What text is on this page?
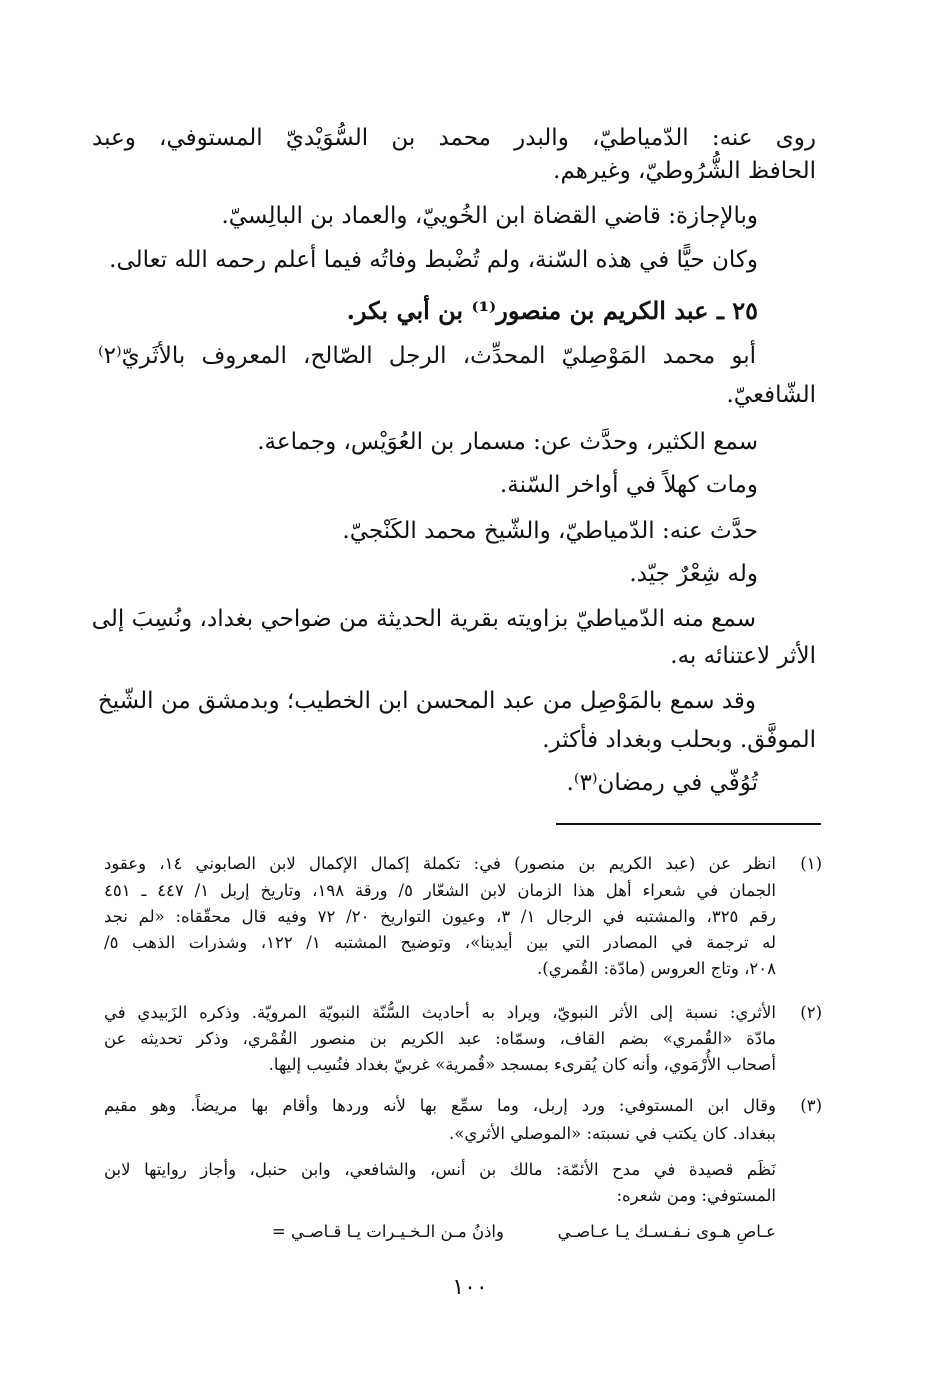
روى عنه: الدّمياطيّ، والبدر محمد بن السُّوَيْديّ المستوفي، وعبد
الحافظ الشُّرُوطيّ، وغيرهم.
وبالإجازة: قاضي القضاة ابن الخُوييّ، والعماد بن البالِسيّ.
وكان حيًّا في هذه السّنة، ولم تُضْبط وفاتُه فيما أعلم رحمه الله تعالى.
٢٥ ـ عبد الكريم بن منصور⁽¹⁾ بن أبي بكر.
أبو محمد المَوْصِليّ المحدِّث، الرجل الصّالح، المعروف بالأثَريّ⁽٢⁾
الشّافعيّ.
سمع الكثير، وحدَّث عن: مسمار بن العُوَيْس، وجماعة.
ومات كهلاً في أواخر السّنة.
حدَّث عنه: الدّمياطيّ، والشّيخ محمد الكَنْجيّ.
وله شِعْرٌ جيّد.
سمع منه الدّمياطيّ بزاويته بقرية الحديثة من ضواحي بغداد، ونُسِبَ إلى
الأثر لاعتنائه به.
وقد سمع بالمَوْصِل من عبد المحسن ابن الخطيب؛ وبدمشق من الشّيخ
الموفَّق. وبحلب وبغداد فأكثر.
تُوُفّي في رمضان⁽٣⁾.
(١)
انظر عن (عبد الكريم بن منصور) في: تكملة إكمال الإكمال لابن الصابوني ١٤، وعقود
الجمان في شعراء أهل هذا الزمان لابن الشعّار ٥/ ورقة ١٩٨، وتاريخ إربل ١/ ٤٤٧ ـ ٤٥١
رقم ٣٢٥، والمشتبه في الرجال ١/ ٣، وعيون التواريخ ٢٠/ ٧٢ وفيه قال محقّقاه: «لم نجد
له ترجمة في المصادر التي بين أيدينا»، وتوضيح المشتبه ١/ ١٢٢، وشذرات الذهب ٥/
٢٠٨، وتاج العروس (مادّة: القُمري).
(٢)
الأثري: نسبة إلى الأثر النبويّ، ويراد به أحاديث السُّنّة النبويّة المرويّة. وذكره الزَبيدي في
مادّة «القُمري» بضم القاف، وسمّاه: عبد الكريم بن منصور القُمْري، وذكر تحديثه عن
أصحاب الأُرْمَوي، وأنه كان يُقرىء بمسجد «قُمرية» غربيّ بغداد فنُسِب إليها.
(٣)
وقال ابن المستوفي: ورد إربل، وما سمِّع بها لأنه وردها وأقام بها مريضاً. وهو مقيم
ببغداد. كان يكتب في نسبته: «الموصلي الأثري».
نَظَم قصيدة في مدح الأئمّة: مالك بن أنس، والشافعي، وابن حنبل، وأجاز روايتها لابن
المستوفي: ومن شعره:
عـاصِ هـوى نـفـسـك يـا عـاصـي
واذنُ مـن الـخـيـرات يـا قـاصـي =
١٠٠
